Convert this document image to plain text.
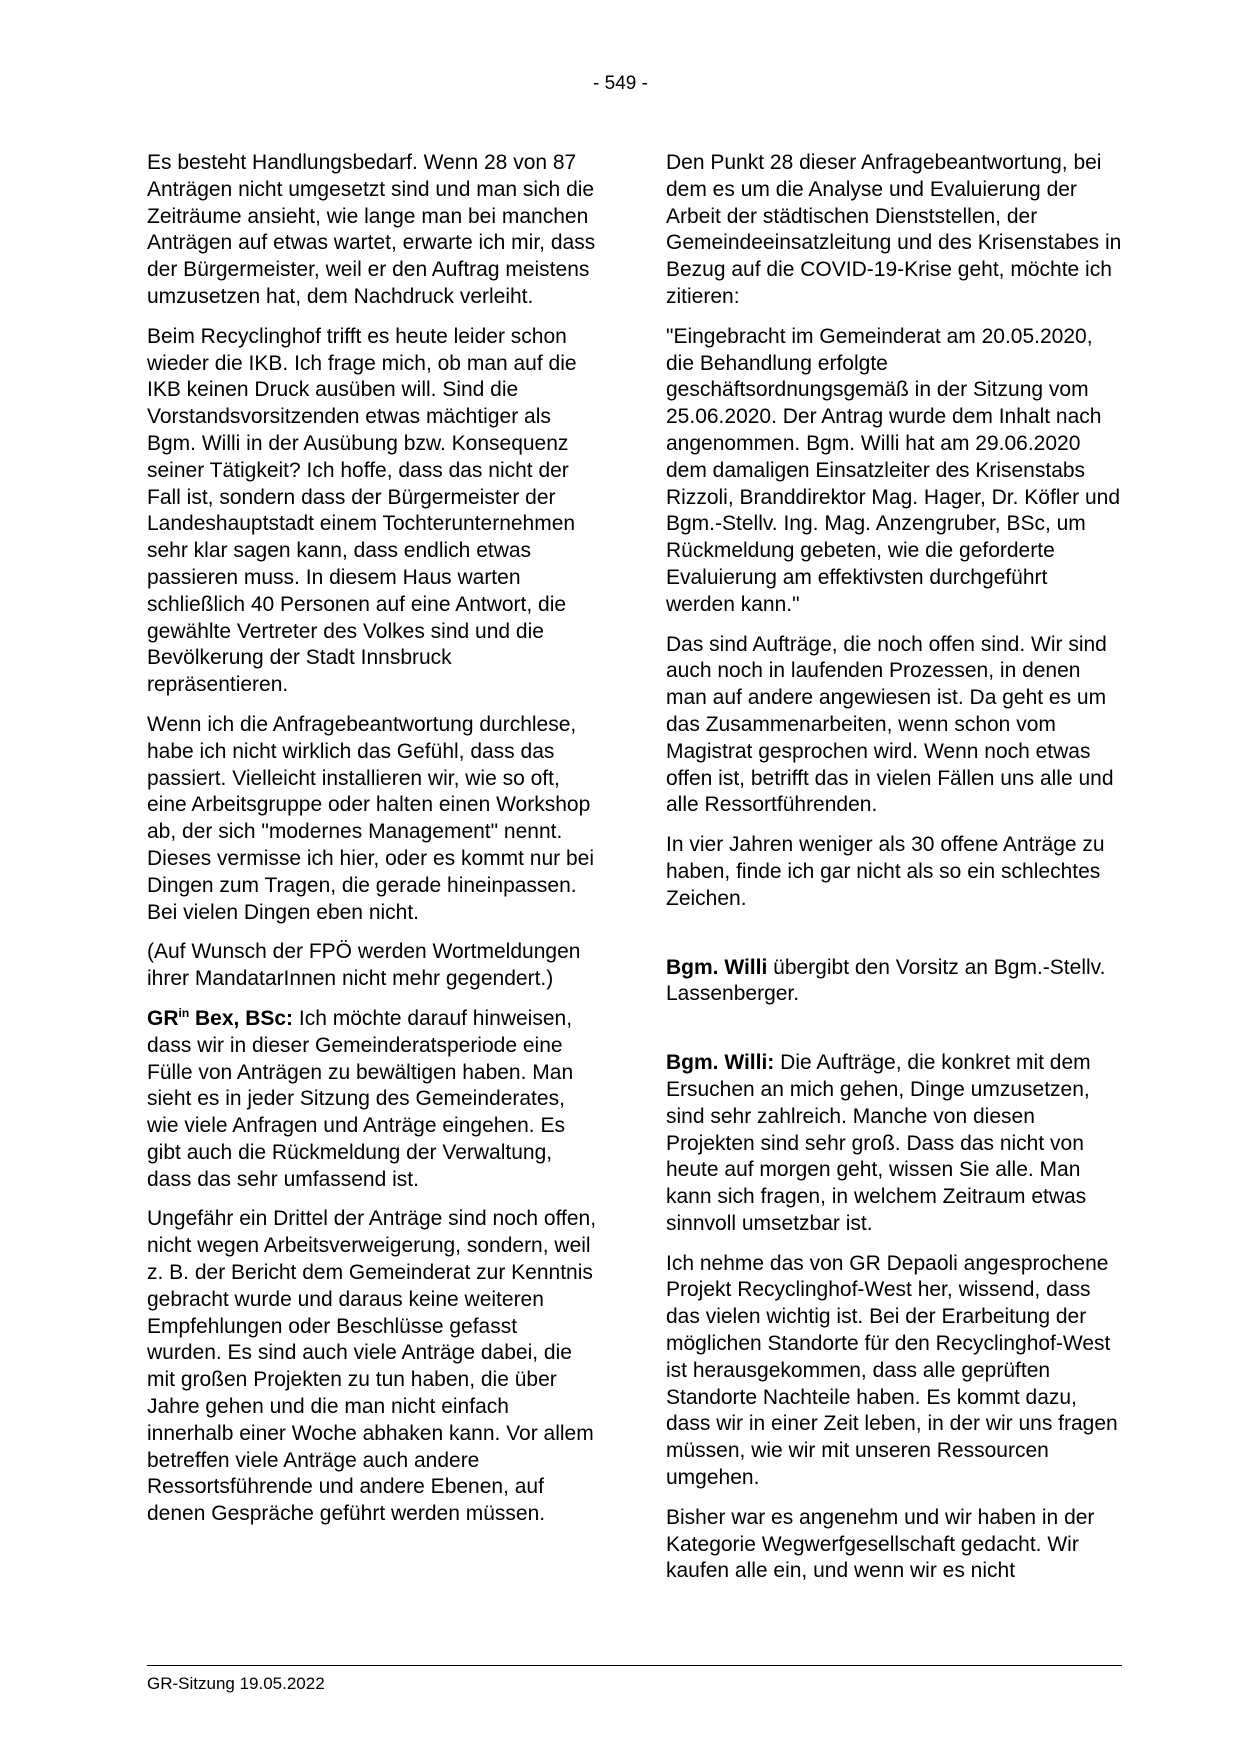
- 549 -

Es besteht Handlungsbedarf. Wenn 28 von 87 Anträgen nicht umgesetzt sind und man sich die Zeiträume ansieht, wie lange man bei manchen Anträgen auf etwas wartet, erwarte ich mir, dass der Bürgermeister, weil er den Auftrag meistens umzusetzen hat, dem Nachdruck verleiht.

Beim Recyclinghof trifft es heute leider schon wieder die IKB. Ich frage mich, ob man auf die IKB keinen Druck ausüben will. Sind die Vorstandsvorsitzenden etwas mächtiger als Bgm. Willi in der Ausübung bzw. Konsequenz seiner Tätigkeit? Ich hoffe, dass das nicht der Fall ist, sondern dass der Bürgermeister der Landeshauptstadt einem Tochterunternehmen sehr klar sagen kann, dass endlich etwas passieren muss. In diesem Haus warten schließlich 40 Personen auf eine Antwort, die gewählte Vertreter des Volkes sind und die Bevölkerung der Stadt Innsbruck repräsentieren.

Wenn ich die Anfragebeantwortung durchlese, habe ich nicht wirklich das Gefühl, dass das passiert. Vielleicht installieren wir, wie so oft, eine Arbeitsgruppe oder halten einen Workshop ab, der sich "modernes Management" nennt. Dieses vermisse ich hier, oder es kommt nur bei Dingen zum Tragen, die gerade hineinpassen. Bei vielen Dingen eben nicht.

(Auf Wunsch der FPÖ werden Wortmeldungen ihrer MandatarInnen nicht mehr gegendert.)

$GR^{in}$ Bex, BSc: Ich möchte darauf hinweisen, dass wir in dieser Gemeinderatsperiode eine Fülle von Anträgen zu bewältigen haben. Man sieht es in jeder Sitzung des Gemeinderates, wie viele Anfragen und Anträge eingehen. Es gibt auch die Rückmeldung der Verwaltung, dass das sehr umfassend ist.

Ungefähr ein Drittel der Anträge sind noch offen, nicht wegen Arbeitsverweigerung, sondern, weil z. B. der Bericht dem Gemeinderat zur Kenntnis gebracht wurde und daraus keine weiteren Empfehlungen oder Beschlüsse gefasst wurden. Es sind auch viele Anträge dabei, die mit großen Projekten zu tun haben, die über Jahre gehen und die man nicht einfach innerhalb einer Woche abhaken kann. Vor allem betreffen viele Anträge auch andere Ressortsführende und andere Ebenen, auf denen Gespräche geführt werden müssen.

Den Punkt 28 dieser Anfragebeantwortung, bei dem es um die Analyse und Evaluierung der Arbeit der städtischen Dienststellen, der Gemeindeeinsatzleitung und des Krisenstabes in Bezug auf die COVID-19-Krise geht, möchte ich zitieren:

"Eingebracht im Gemeinderat am 20.05.2020, die Behandlung erfolgte geschäftsordnungsgemäß in der Sitzung vom 25.06.2020. Der Antrag wurde dem Inhalt nach angenommen. Bgm. Willi hat am 29.06.2020 dem damaligen Einsatzleiter des Krisenstabs Rizzoli, Branddirektor Mag. Hager, Dr. Köfler und Bgm.-Stellv. Ing. Mag. Anzengruber, BSc, um Rückmeldung gebeten, wie die geforderte Evaluierung am effektivsten durchgeführt werden kann."

Das sind Aufträge, die noch offen sind. Wir sind auch noch in laufenden Prozessen, in denen man auf andere angewiesen ist. Da geht es um das Zusammenarbeiten, wenn schon vom Magistrat gesprochen wird. Wenn noch etwas offen ist, betrifft das in vielen Fällen uns alle und alle Ressortführenden.

In vier Jahren weniger als 30 offene Anträge zu haben, finde ich gar nicht als so ein schlechtes Zeichen.

Bgm. Willi übergibt den Vorsitz an Bgm.-Stellv. Lassenberger.

Bgm. Willi: Die Aufträge, die konkret mit dem Ersuchen an mich gehen, Dinge umzusetzen, sind sehr zahlreich. Manche von diesen Projekten sind sehr groß. Dass das nicht von heute auf morgen geht, wissen Sie alle. Man kann sich fragen, in welchem Zeitraum etwas sinnvoll umsetzbar ist.

Ich nehme das von GR Depaoli angesprochene Projekt Recyclinghof-West her, wissend, dass das vielen wichtig ist. Bei der Erarbeitung der möglichen Standorte für den Recyclinghof-West ist herausgekommen, dass alle geprüften Standorte Nachteile haben. Es kommt dazu, dass wir in einer Zeit leben, in der wir uns fragen müssen, wie wir mit unseren Ressourcen umgehen.

Bisher war es angenehm und wir haben in der Kategorie Wegwerfgesellschaft gedacht. Wir kaufen alle ein, und wenn wir es nicht

GR-Sitzung 19.05.2022
